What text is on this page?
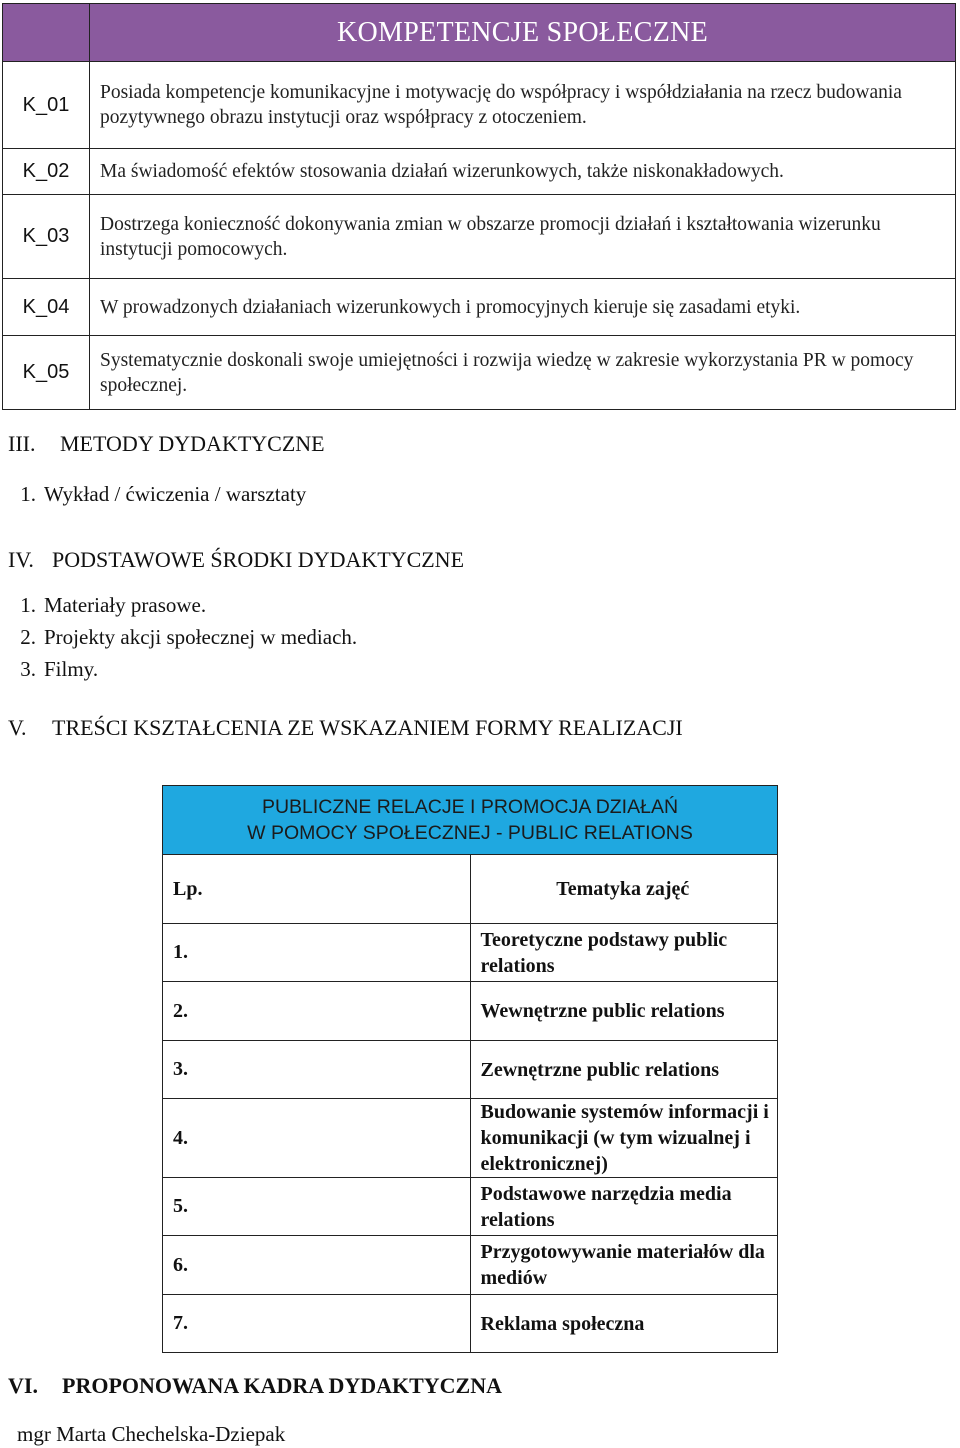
	KOMPETENCJE SPOŁECZNE
K_01	Posiada kompetencje komunikacyjne i motywację do współpracy i współdziałania na rzecz budowania pozytywnego obrazu instytucji oraz współpracy z otoczeniem.
K_02	Ma świadomość efektów stosowania działań wizerunkowych, także niskonakładowych.
K_03	Dostrzega konieczność dokonywania zmian w obszarze promocji działań i kształtowania wizerunku instytucji pomocowych.
K_04	W prowadzonych działaniach wizerunkowych i promocyjnych kieruje się zasadami etyki.
K_05	Systematycznie doskonali swoje umiejętności i rozwija wiedzę w zakresie wykorzystania PR w pomocy społecznej.
III. METODY DYDAKTYCZNE
1. Wykład / ćwiczenia / warsztaty
IV. PODSTAWOWE ŚRODKI DYDAKTYCZNE
1. Materiały prasowe.
2. Projekty akcji społecznej w mediach.
3. Filmy.
V. TREŚCI KSZTAŁCENIA ZE WSKAZANIEM FORMY REALIZACJI
PUBLICZNE RELACJE I PROMOCJA DZIAŁAŃ
W POMOCY SPOŁECZNEJ - PUBLIC RELATIONS	

Lp.	Tematyka zajęć
1.	Teoretyczne podstawy public relations
2.	Wewnętrzne public relations
3.	Zewnętrzne public relations
4.	Budowanie systemów informacji i komunikacji (w tym wizualnej i elektronicznej)
5.	Podstawowe narzędzia media relations
6.	Przygotowywanie materiałów dla mediów
7.	Reklama społeczna
VI. PROPONOWANA KADRA DYDAKTYCZNA
mgr Marta Chechelska-Dziepak
